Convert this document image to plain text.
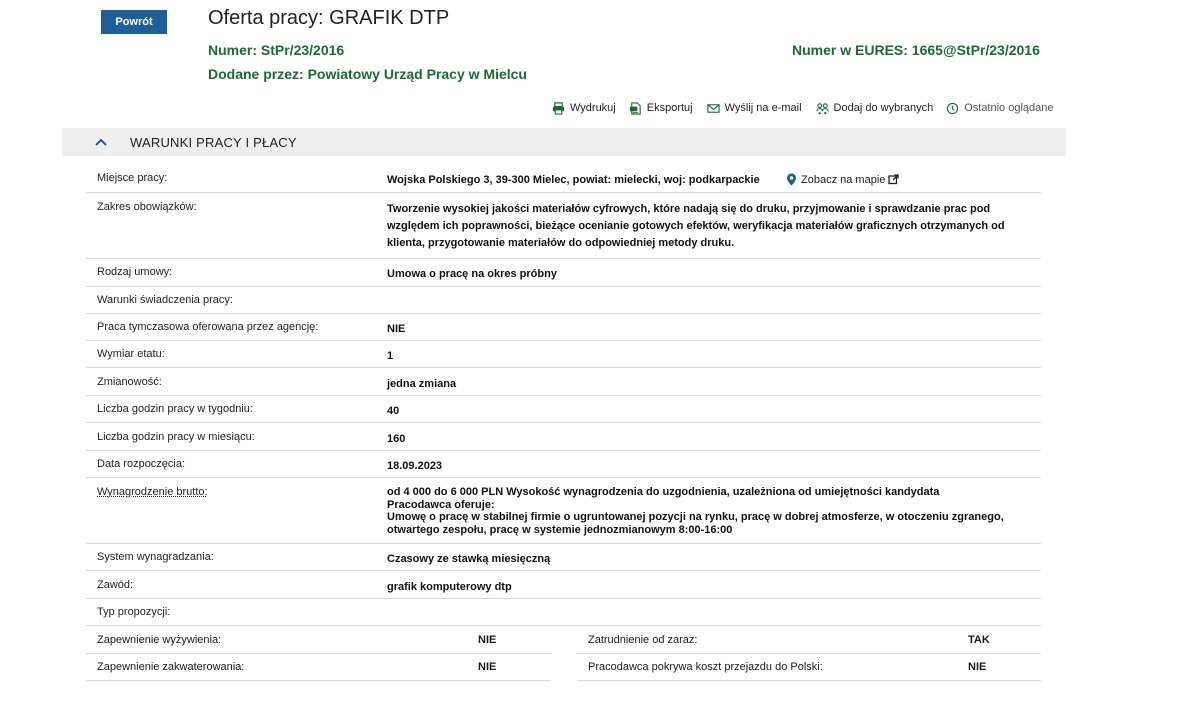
Powrót	Oferta pracy: GRAFIK DTP
Numer: StPr/23/2016	Numer w EURES: 1665@StPr/23/2016
Dodane przez: Powiatowy Urząd Pracy w Mielcu
Wydrukuj	Eksportuj	Wyślij na e-mail	Dodaj do wybranych	Ostatnio oglądane
WARUNKI PRACY I PŁACY
Miejsce pracy:	Wojska Polskiego 3, 39-300 Mielec, powiat: mielecki, woj: podkarpackie	Zobacz na mapie
Zakres obowiązków:	Tworzenie wysokiej jakości materiałów cyfrowych, które nadają się do druku, przyjmowanie i sprawdzanie prac pod względem ich poprawności, bieżące ocenianie gotowych efektów, weryfikacja materiałów graficznych otrzymanych od klienta, przygotowanie materiałów do odpowiedniej metody druku.
Rodzaj umowy:	Umowa o pracę na okres próbny
Warunki świadczenia pracy:
Praca tymczasowa oferowana przez agencję:	NIE
Wymiar etatu:	1
Zmianowość:	jedna zmiana
Liczba godzin pracy w tygodniu:	40
Liczba godzin pracy w miesiącu:	160
Data rozpoczęcia:	18.09.2023
Wynagrodzenie brutto:	od 4 000 do 6 000 PLN Wysokość wynagrodzenia do uzgodnienia, uzależniona od umiejętności kandydata
Pracodawca oferuje:
Umowę o pracę w stabilnej firmie o ugruntowanej pozycji na rynku, pracę w dobrej atmosferze, w otoczeniu zgranego, otwartego zespołu, pracę w systemie jednozmianowym 8:00-16:00
System wynagradzania:	Czasowy ze stawką miesięczną
Zawód:	grafik komputerowy dtp
Typ propozycji:
Zapewnienie wyżywienia:	NIE	Zatrudnienie od zaraz:	TAK
Zapewnienie zakwaterowania:	NIE	Pracodawca pokrywa koszt przejazdu do Polski:	NIE
